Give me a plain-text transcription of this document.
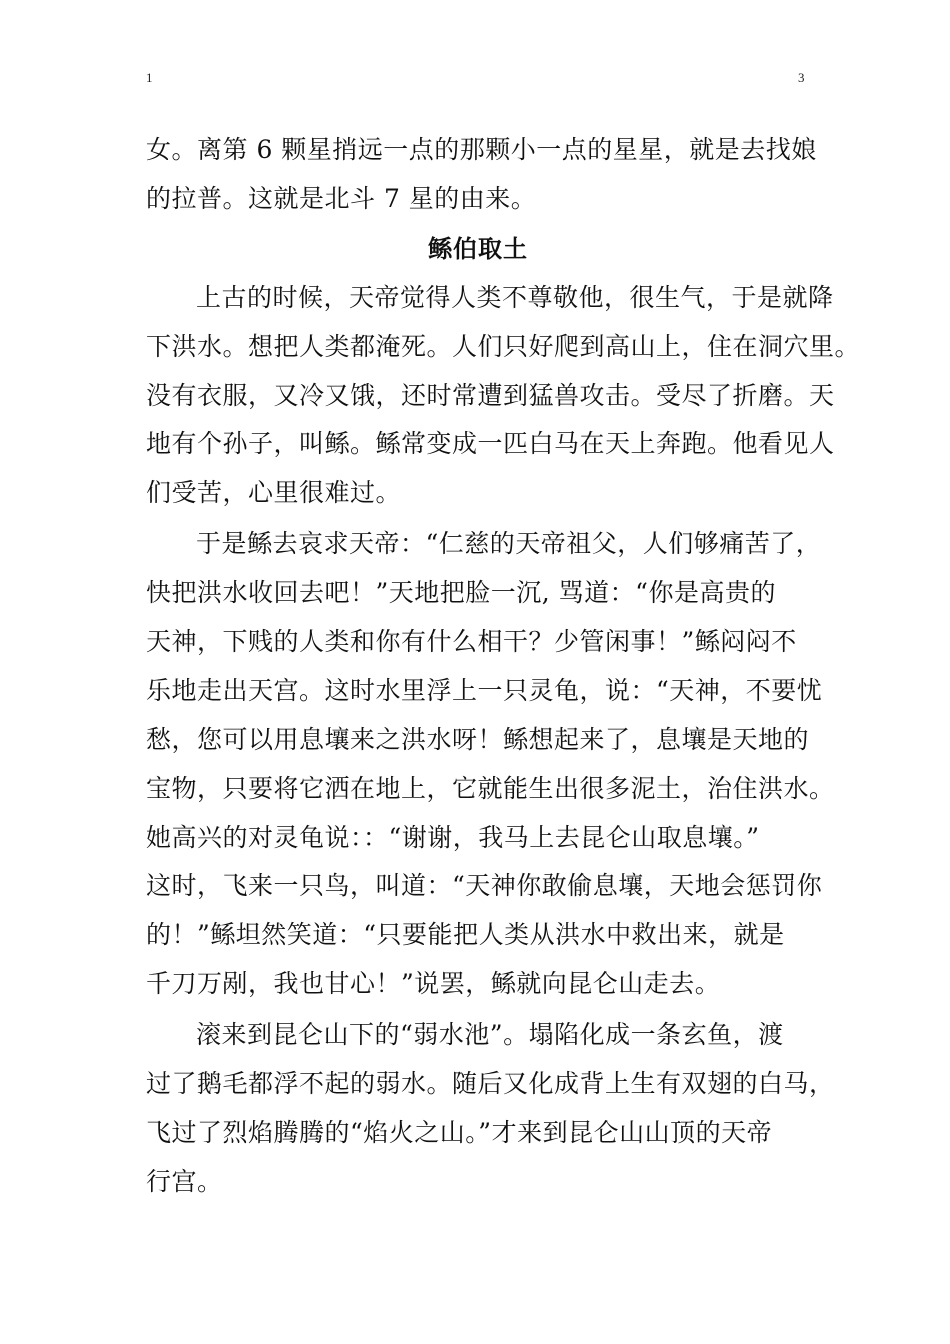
1	3
女。离第 6 颗星捎远一点的那颗小一点的星星，就是去找娘
的拉普。这就是北斗 7 星的由来。
鲧伯取土
上古的时候，天帝觉得人类不尊敬他，很生气，于是就降
下洪水。想把人类都淹死。人们只好爬到高山上，住在洞穴里。
没有衣服，又冷又饿，还时常遭到猛兽攻击。受尽了折磨。天
地有个孙子，叫鲧。鲧常变成一匹白马在天上奔跑。他看见人
们受苦，心里很难过。
于是鲧去哀求天帝：“仁慈的天帝祖父，人们够痛苦了，
快把洪水收回去吧！”天地把脸一沉, 骂道：“你是高贵的
天神，下贱的人类和你有什么相干？少管闲事！”鲧闷闷不
乐地走出天宫。这时水里浮上一只灵龟，说：“天神，不要忧
愁，您可以用息壤来之洪水呀！鲧想起来了，息壤是天地的
宝物，只要将它洒在地上，它就能生出很多泥土，治住洪水。
她高兴的对灵龟说：：“谢谢，我马上去昆仑山取息壤。”
这时，飞来一只鸟，叫道：“天神你敢偷息壤，天地会惩罚你
的！”鲧坦然笑道：“只要能把人类从洪水中救出来，就是
千刀万剐，我也甘心！”说罢，鲧就向昆仑山走去。
滚来到昆仑山下的“弱水池”。塌陷化成一条玄鱼，渡
过了鹅毛都浮不起的弱水。随后又化成背上生有双翅的白马，
飞过了烈焰腾腾的“焰火之山。”才来到昆仑山山顶的天帝
行宫。
